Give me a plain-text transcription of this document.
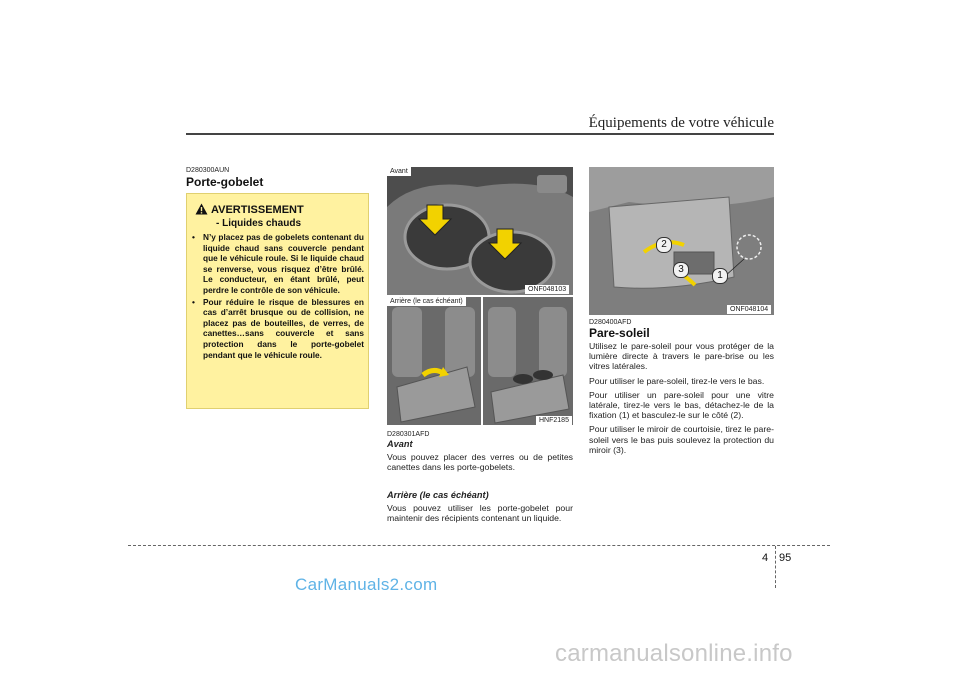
Équipements de votre véhicule
D280300AUN
Porte-gobelet
AVERTISSEMENT
- Liquides chauds
• N’y placez pas de gobelets contenant du liquide chaud sans couvercle pendant que le véhicule roule. Si le liquide chaud se renverse, vous risquez d’être brûlé. Le conducteur, en étant brûlé, peut perdre le contrôle de son véhicule.
• Pour réduire le risque de blessures en cas d’arrêt brusque ou de collision, ne placez pas de bouteilles, de verres, de canettes…sans couvercle et sans protection dans le porte-gobelet pendant que le véhicule roule.
Avant
ONF048103
Arrière (le cas échéant)
HNF2185
D280301AFD
Avant
Vous pouvez placer des verres ou de petites canettes dans les porte-gobelets.
Arrière (le cas échéant)
Vous pouvez utiliser les porte-gobelet pour maintenir des récipients contenant un liquide.
2
3
1
ONF048104
D280400AFD
Pare-soleil
Utilisez le pare-soleil pour vous protéger de la lumière directe à travers le pare-brise ou les vitres latérales.
Pour utiliser le pare-soleil, tirez-le vers le bas.
Pour utiliser un pare-soleil pour une vitre latérale, tirez-le vers le bas, détachez-le de la fixation (1) et basculez-le sur le côté (2).
Pour utiliser le miroir de courtoisie, tirez le pare-soleil vers le bas puis soulevez la protection du miroir (3).
4 95
CarManuals2.com
carmanualsonline.info
